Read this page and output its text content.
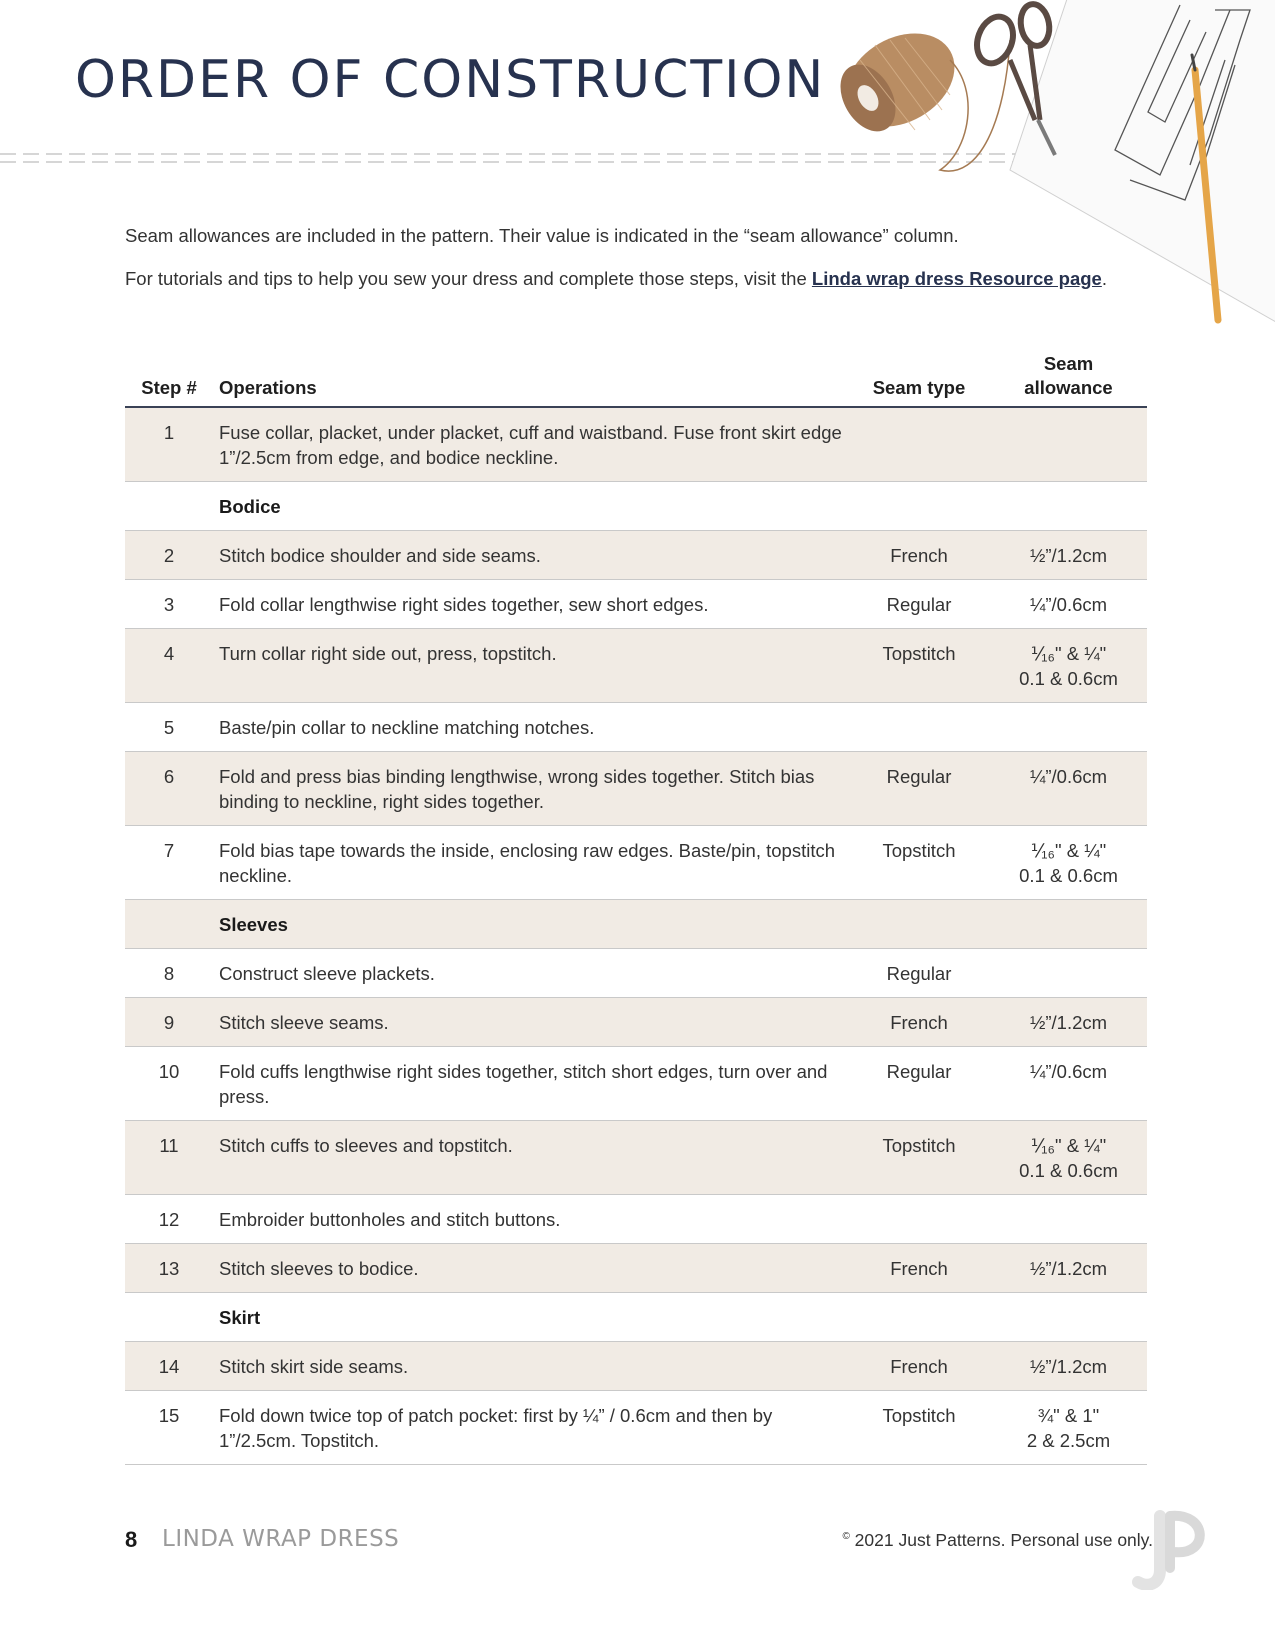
ORDER OF CONSTRUCTION

Seam allowances are included in the pattern. Their value is indicated in the “seam allowance” column.

For tutorials and tips to help you sew your dress and complete those steps, visit the Linda wrap dress Resource page.

Step #	Operations	Seam type	Seam
allowance
1	Fuse collar, placket, under placket, cuff and waistband. Fuse front skirt edge 1”/2.5cm from edge, and bodice neckline.		
	Bodice		
2	Stitch bodice shoulder and side seams.	French	½”/1.2cm
3	Fold collar lengthwise right sides together, sew short edges.	Regular	¼”/0.6cm
4	Turn collar right side out, press, topstitch.	Topstitch	⅟₁₆" & ¼"
0.1 & 0.6cm
5	Baste/pin collar to neckline matching notches.		
6	Fold and press bias binding lengthwise, wrong sides together. Stitch bias binding to neckline, right sides together.	Regular	¼”/0.6cm
7	Fold bias tape towards the inside, enclosing raw edges. Baste/pin, topstitch neckline.	Topstitch	⅟₁₆" & ¼"
0.1 & 0.6cm
	Sleeves		
8	Construct sleeve plackets.	Regular	
9	Stitch sleeve seams.	French	½”/1.2cm
10	Fold cuffs lengthwise right sides together, stitch short edges, turn over and press.	Regular	¼”/0.6cm
11	Stitch cuffs to sleeves and topstitch.	Topstitch	⅟₁₆" & ¼"
0.1 & 0.6cm
12	Embroider buttonholes and stitch buttons.		
13	Stitch sleeves to bodice.	French	½”/1.2cm
	Skirt		
14	Stitch skirt side seams.	French	½”/1.2cm
15	Fold down twice top of patch pocket: first by ¼” / 0.6cm and then by 1”/2.5cm. Topstitch.	Topstitch	¾" & 1"
2 & 2.5cm
8 LINDA WRAP DRESS	© 2021 Just Patterns. Personal use only.
